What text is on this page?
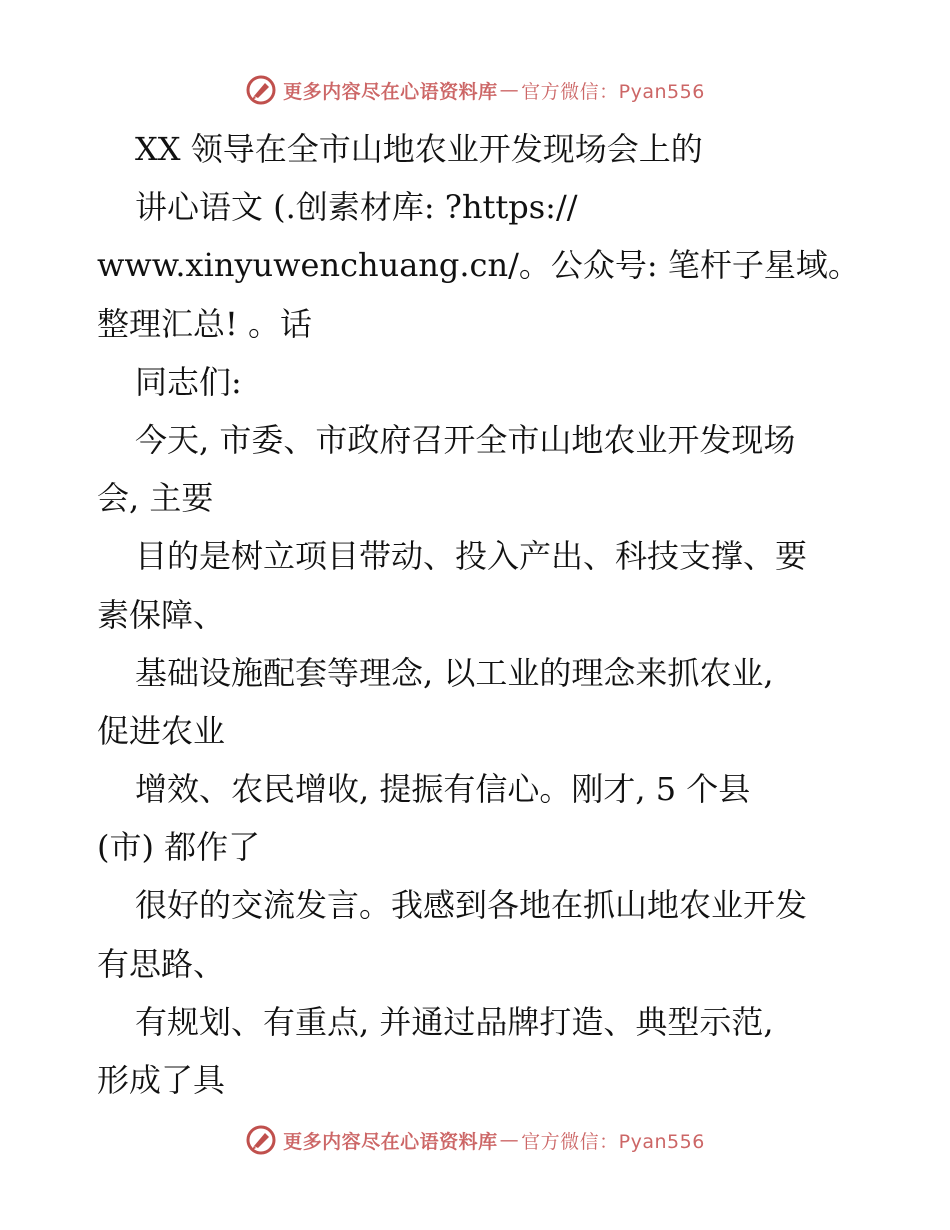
更多内容尽在心语资料库 — 官方微信：Pyan556
XX 领导在全市山地农业开发现场会上的
讲心语文 (.创素材库: ?https://
www.xinyuwenchuang.cn/。公众号: 笔杆子星域。
整理汇总! 。话
同志们:
今天, 市委、市政府召开全市山地农业开发现场
会, 主要
目的是树立项目带动、投入产出、科技支撑、要
素保障、
基础设施配套等理念, 以工业的理念来抓农业,
促进农业
增效、农民增收, 提振有信心。刚才, 5 个县
(市) 都作了
很好的交流发言。我感到各地在抓山地农业开发
有思路、
有规划、有重点, 并通过品牌打造、典型示范,
形成了具
更多内容尽在心语资料库 — 官方微信：Pyan556
